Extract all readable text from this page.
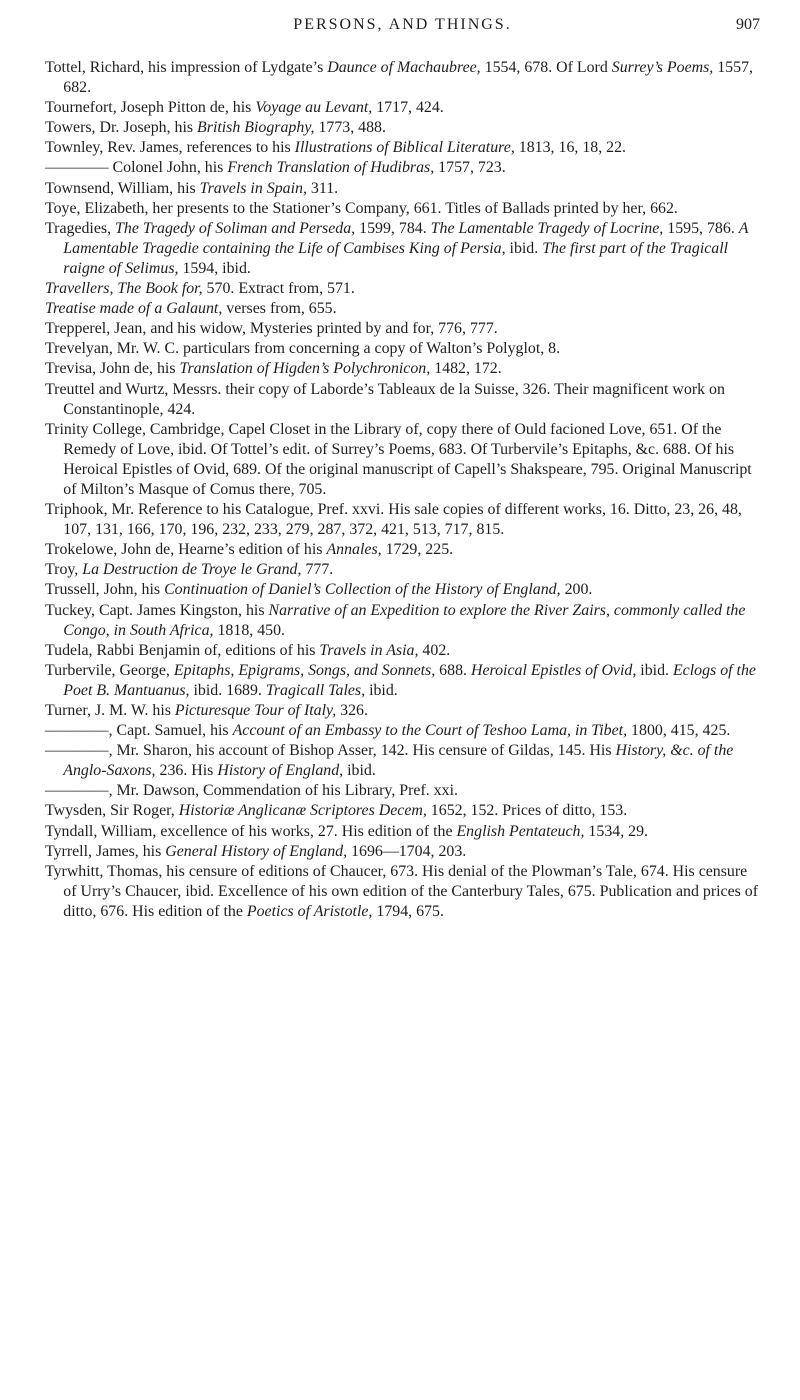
PERSONS, AND THINGS.	907
Tottel, Richard, his impression of Lydgate’s Daunce of Machaubree, 1554, 678. Of Lord Surrey’s Poems, 1557, 682.
Tournefort, Joseph Pitton de, his Voyage au Levant, 1717, 424.
Towers, Dr. Joseph, his British Biography, 1773, 488.
Townley, Rev. James, references to his Illustrations of Biblical Literature, 1813, 16, 18, 22.
———— Colonel John, his French Translation of Hudibras, 1757, 723.
Townsend, William, his Travels in Spain, 311.
Toye, Elizabeth, her presents to the Stationer’s Company, 661. Titles of Ballads printed by her, 662.
Tragedies, The Tragedy of Soliman and Perseda, 1599, 784. The Lamentable Tragedy of Locrine, 1595, 786. A Lamentable Tragedie containing the Life of Cambises King of Persia, ibid. The first part of the Tragicall raigne of Selimus, 1594, ibid.
Travellers, The Book for, 570. Extract from, 571.
Treatise made of a Galaunt, verses from, 655.
Trepperel, Jean, and his widow, Mysteries printed by and for, 776, 777.
Trevelyan, Mr. W. C. particulars from concerning a copy of Walton’s Polyglot, 8.
Trevisa, John de, his Translation of Higden’s Polychronicon, 1482, 172.
Treuttel and Wurtz, Messrs. their copy of Laborde’s Tableaux de la Suisse, 326. Their magnificent work on Constantinople, 424.
Trinity College, Cambridge, Capel Closet in the Library of, copy there of Ould facioned Love, 651. Of the Remedy of Love, ibid. Of Tottel’s edit. of Surrey’s Poems, 683. Of Turbervile’s Epitaphs, &c. 688. Of his Heroical Epistles of Ovid, 689. Of the original manuscript of Capell’s Shakspeare, 795. Original Manuscript of Milton’s Masque of Comus there, 705.
Triphook, Mr. Reference to his Catalogue, Pref. xxvi. His sale copies of different works, 16. Ditto, 23, 26, 48, 107, 131, 166, 170, 196, 232, 233, 279, 287, 372, 421, 513, 717, 815.
Trokelowe, John de, Hearne’s edition of his Annales, 1729, 225.
Troy, La Destruction de Troye le Grand, 777.
Trussell, John, his Continuation of Daniel’s Collection of the History of England, 200.
Tuckey, Capt. James Kingston, his Narrative of an Expedition to explore the River Zairs, commonly called the Congo, in South Africa, 1818, 450.
Tudela, Rabbi Benjamin of, editions of his Travels in Asia, 402.
Turbervile, George, Epitaphs, Epigrams, Songs, and Sonnets, 688. Heroical Epistles of Ovid, ibid. Eclogs of the Poet B. Mantuanus, ibid. 1689. Tragicall Tales, ibid.
Turner, J. M. W. his Picturesque Tour of Italy, 326.
————, Capt. Samuel, his Account of an Embassy to the Court of Teshoo Lama, in Tibet, 1800, 415, 425.
————, Mr. Sharon, his account of Bishop Asser, 142. His censure of Gildas, 145. His History, &c. of the Anglo-Saxons, 236. His History of England, ibid.
————, Mr. Dawson, Commendation of his Library, Pref. xxi.
Twysden, Sir Roger, Historiæ Anglicanæ Scriptores Decem, 1652, 152. Prices of ditto, 153.
Tyndall, William, excellence of his works, 27. His edition of the English Pentateuch, 1534, 29.
Tyrrell, James, his General History of England, 1696—1704, 203.
Tyrwhitt, Thomas, his censure of editions of Chaucer, 673. His denial of the Plowman’s Tale, 674. His censure of Urry’s Chaucer, ibid. Excellence of his own edition of the Canterbury Tales, 675. Publication and prices of ditto, 676. His edition of the Poetics of Aristotle, 1794, 675.
